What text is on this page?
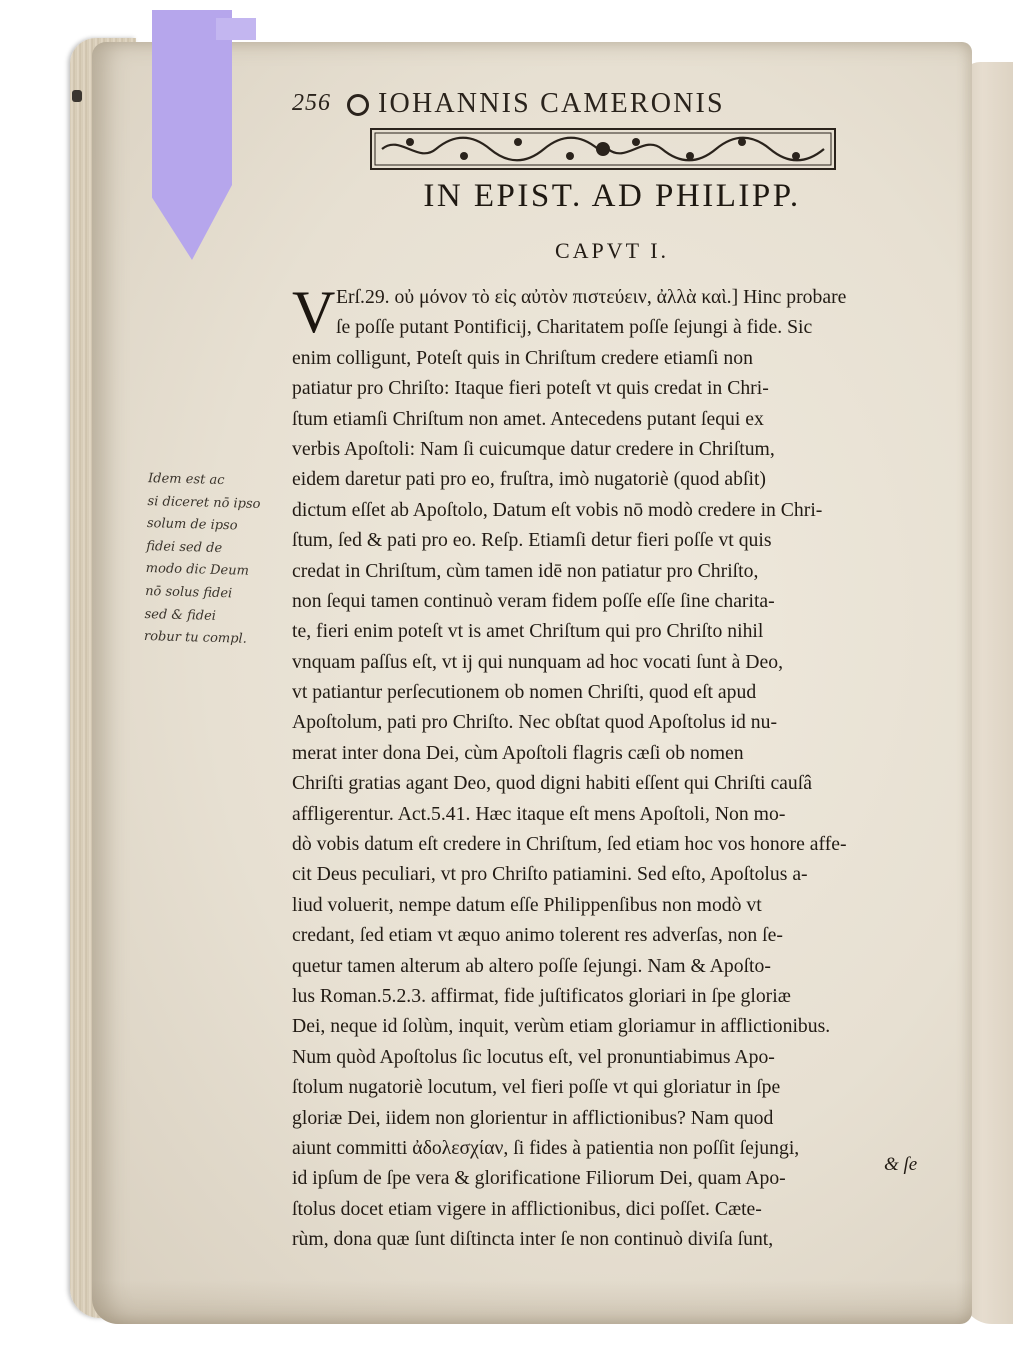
256 IOHANNIS CAMERONIS
IN EPIST. AD PHILIPP.
CAPVT I.
V Erſ.29. οὐ μόνον τὸ εἰς αὐτὸν πιστεύειν, ἀλλὰ καὶ.] Hinc probare
ſe poſſe putant Pontificij, Charitatem poſſe ſejungi à fide. Sic
enim colligunt, Poteſt quis in Chriſtum credere etiamſi non
patiatur pro Chriſto: Itaque fieri poteſt vt quis credat in Chri-
ſtum etiamſi Chriſtum non amet. Antecedens putant ſequi ex
verbis Apoſtoli: Nam ſi cuicumque datur credere in Chriſtum,
eidem daretur pati pro eo, fruſtra, imò nugatoriè (quod abſit)
dictum eſſet ab Apoſtolo, Datum eſt vobis nō modò credere in Chri-
ſtum, ſed & pati pro eo. Reſp. Etiamſi detur fieri poſſe vt quis
credat in Chriſtum, cùm tamen idē non patiatur pro Chriſto,
non ſequi tamen continuò veram fidem poſſe eſſe ſine charita-
te, fieri enim poteſt vt is amet Chriſtum qui pro Chriſto nihil
vnquam paſſus eſt, vt ij qui nunquam ad hoc vocati ſunt à Deo,
vt patiantur perſecutionem ob nomen Chriſti, quod eſt apud
Apoſtolum, pati pro Chriſto. Nec obſtat quod Apoſtolus id nu-
merat inter dona Dei, cùm Apoſtoli flagris cæſi ob nomen
Chriſti gratias agant Deo, quod digni habiti eſſent qui Chriſti cauſâ
affligerentur. Act.5.41. Hæc itaque eſt mens Apoſtoli, Non mo-
dò vobis datum eſt credere in Chriſtum, ſed etiam hoc vos honore affe-
cit Deus peculiari, vt pro Chriſto patiamini. Sed eſto, Apoſtolus a-
liud voluerit, nempe datum eſſe Philippenſibus non modò vt
credant, ſed etiam vt æquo animo tolerent res adverſas, non ſe-
quetur tamen alterum ab altero poſſe ſejungi. Nam & Apoſto-
lus Roman.5.2.3. affirmat, fide juſtificatos gloriari in ſpe gloriæ
Dei, neque id ſolùm, inquit, verùm etiam gloriamur in afflictionibus.
Num quòd Apoſtolus ſic locutus eſt, vel pronuntiabimus Apo-
ſtolum nugatoriè locutum, vel fieri poſſe vt qui gloriatur in ſpe
gloriæ Dei, iidem non glorientur in afflictionibus? Nam quod
aiunt committi ἀδολεσχίαν, ſi fides à patientia non poſſit ſejungi,
id ipſum de ſpe vera & glorificatione Filiorum Dei, quam Apo-
ſtolus docet etiam vigere in afflictionibus, dici poſſet. Cæte-
rùm, dona quæ ſunt diſtincta inter ſe non continuò diviſa ſunt,
& ſe
Idem est ac
si diceret nō ipso
solum de ipso
fidei sed de
modo dic Deum
nō solus fidei
sed & fidei
robur tu compl.
